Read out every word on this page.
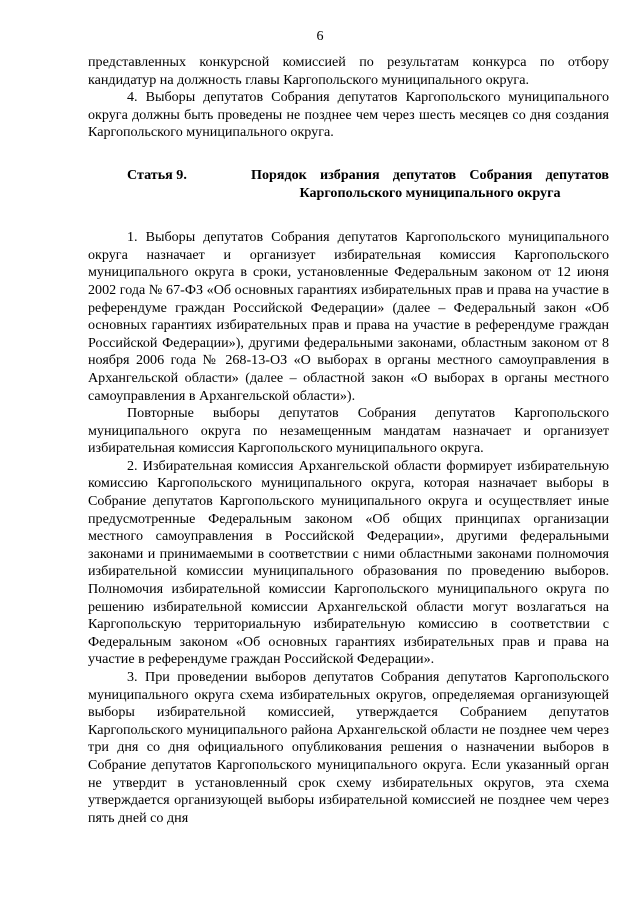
6

представленных конкурсной комиссией по результатам конкурса по отбору кандидатур на должность главы Каргопольского муниципального округа.

4. Выборы депутатов Собрания депутатов Каргопольского муниципального округа должны быть проведены не позднее чем через шесть месяцев со дня создания Каргопольского муниципального округа.

Статья 9.	Порядок избрания депутатов Собрания депутатов Каргопольского муниципального округа

1. Выборы депутатов Собрания депутатов Каргопольского муниципального округа назначает и организует избирательная комиссия Каргопольского муниципального округа в сроки, установленные Федеральным законом от 12 июня 2002 года № 67-ФЗ «Об основных гарантиях избирательных прав и права на участие в референдуме граждан Российской Федерации» (далее – Федеральный закон «Об основных гарантиях избирательных прав и права на участие в референдуме граждан Российской Федерации»), другими федеральными законами, областным законом от 8 ноября 2006 года № 268-13-ОЗ «О выборах в органы местного самоуправления в Архангельской области» (далее – областной закон «О выборах в органы местного самоуправления в Архангельской области»).

Повторные выборы депутатов Собрания депутатов Каргопольского муниципального округа по незамещенным мандатам назначает и организует избирательная комиссия Каргопольского муниципального округа.

2. Избирательная комиссия Архангельской области формирует избирательную комиссию Каргопольского муниципального округа, которая назначает выборы в Собрание депутатов Каргопольского муниципального округа и осуществляет иные предусмотренные Федеральным законом «Об общих принципах организации местного самоуправления в Российской Федерации», другими федеральными законами и принимаемыми в соответствии с ними областными законами полномочия избирательной комиссии муниципального образования по проведению выборов. Полномочия избирательной комиссии Каргопольского муниципального округа по решению избирательной комиссии Архангельской области могут возлагаться на Каргопольскую территориальную избирательную комиссию в соответствии с Федеральным законом «Об основных гарантиях избирательных прав и права на участие в референдуме граждан Российской Федерации».

3. При проведении выборов депутатов Собрания депутатов Каргопольского муниципального округа схема избирательных округов, определяемая организующей выборы избирательной комиссией, утверждается Собранием депутатов Каргопольского муниципального района Архангельской области не позднее чем через три дня со дня официального опубликования решения о назначении выборов в Собрание депутатов Каргопольского муниципального округа. Если указанный орган не утвердит в установленный срок схему избирательных округов, эта схема утверждается организующей выборы избирательной комиссией не позднее чем через пять дней со дня
